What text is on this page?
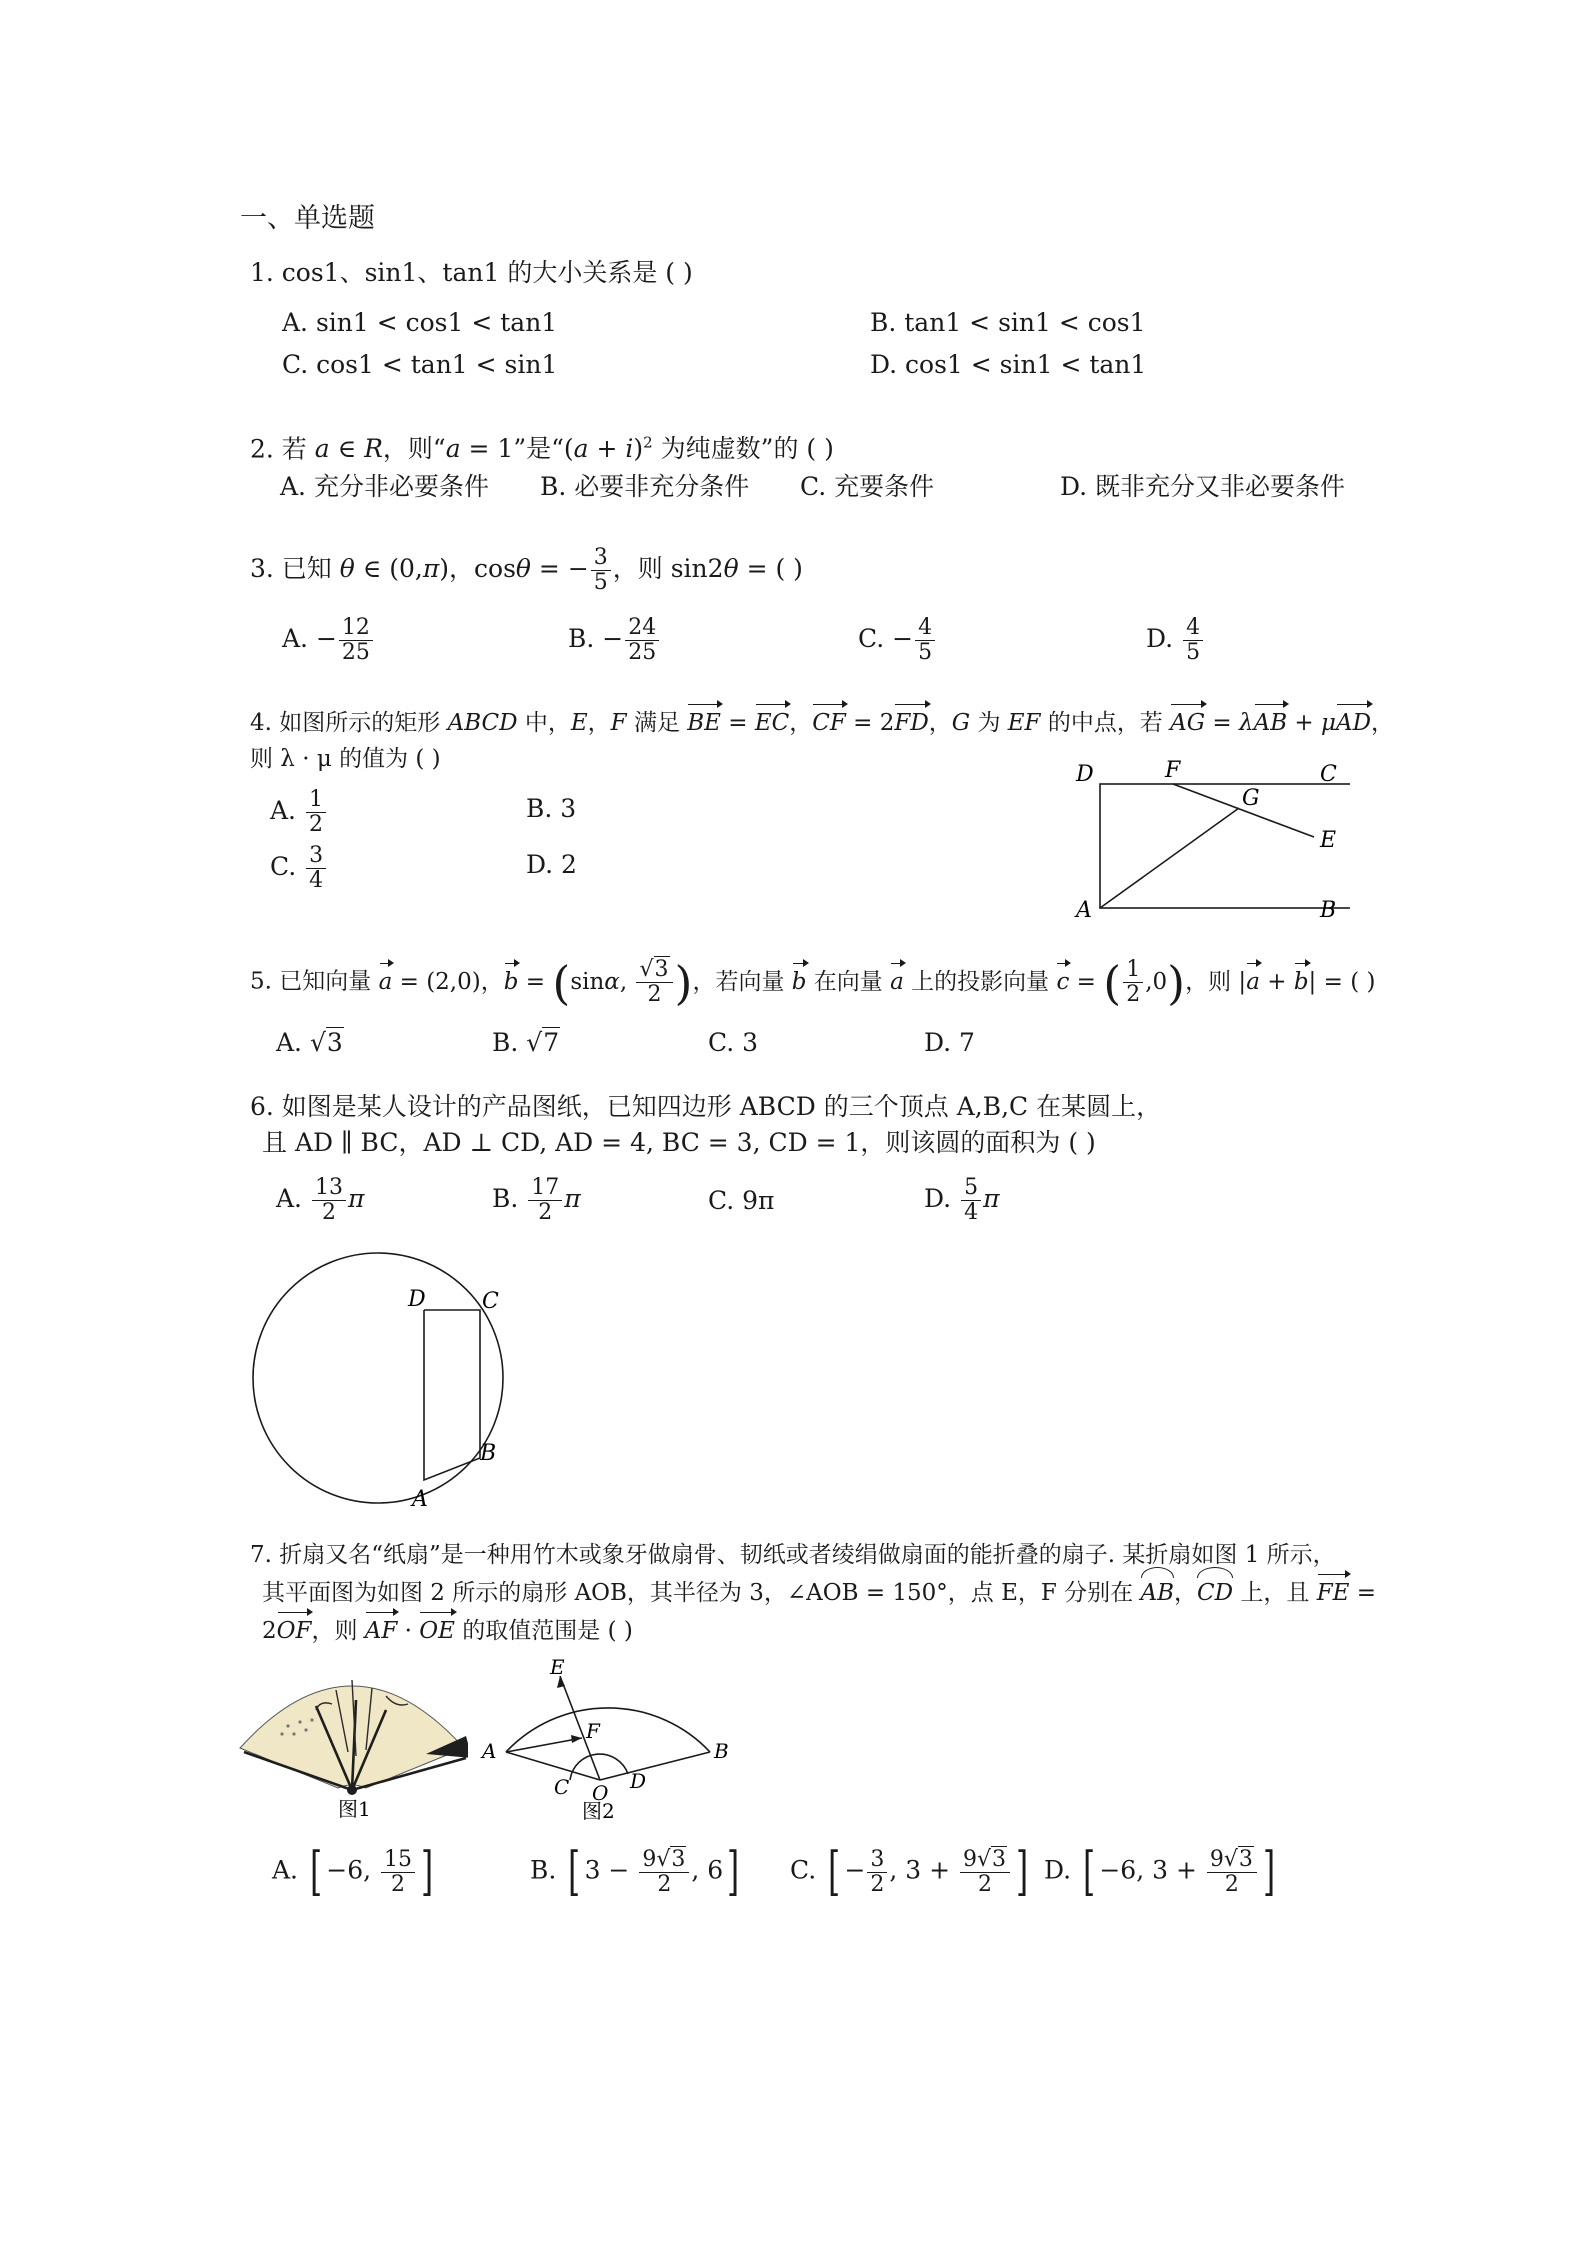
一、单选题
1. cos1、sin1、tan1 的大小关系是 ( )
A. sin1 < cos1 < tan1	B. tan1 < sin1 < cos1
C. cos1 < tan1 < sin1	D. cos1 < sin1 < tan1
2. 若 a ∈ R，则“a = 1”是“$(a + i)^2$ 为纯虚数”的 ( )
A. 充分非必要条件 B. 必要非充分条件 C. 充要条件	D. 既非充分又非必要条件
3. 已知 θ ∈ (0,π)，cosθ = − $\frac{3}{5}$ ，则 sin2θ = ( )
A. − $\frac{12}{25}$	B. − $\frac{24}{25}$	C. − $\frac{4}{5}$	D. $\frac{4}{5}$
4. 如图所示的矩形 ABCD 中，E，F 满足 BE = EC，CF = 2FD，G 为 EF 的中点，若 AG = λAB + μAD，
则 λ · μ 的值为 ( )
A. $\frac{1}{2}$	B. 3
C. $\frac{3}{4}$	D. 2
D	F	C
G
E
A	B
5. 已知向量 a = (2,0)，b = (sinα, $\frac{√3}{2}$ )，若向量 b 在向量 a 上的投影向量 c = ( $\frac{1}{2} ,0$)，则 |a + b| = ( )
A. √3	B. √7	C. 3	D. 7
6. 如图是某人设计的产品图纸，已知四边形 ABCD 的三个顶点 A,B,C 在某圆上，
且 AD ∥ BC，AD ⊥ CD, AD = 4, BC = 3, CD = 1，则该圆的面积为 ( )
A. $\frac{13}{2}$ π	B. $\frac{17}{2}$ π	C. 9π	D. $\frac{5}{4}$ π
D	C
B
A
7. 折扇又名“纸扇”是一种用竹木或象牙做扇骨、韧纸或者绫绢做扇面的能折叠的扇子. 某折扇如图 1 所示，
其平面图为如图 2 所示的扇形 AOB，其半径为 3，∠AOB = 150°，点 E，F 分别在 AB，CD 上，且 FE =
2OF，则 AF · OE 的取值范围是 ( )
图1
E
F
A	B
C O D
图2
A. [ −6, $\frac{15}{2}$ ]	B. [ $3 - \frac{9√3}{2}$ , 6] C. [ − $\frac{3}{2}$ , $3 + \frac{9√3}{2}$ ] D. [ −6, $3 + \frac{9√3}{2}$ ]
